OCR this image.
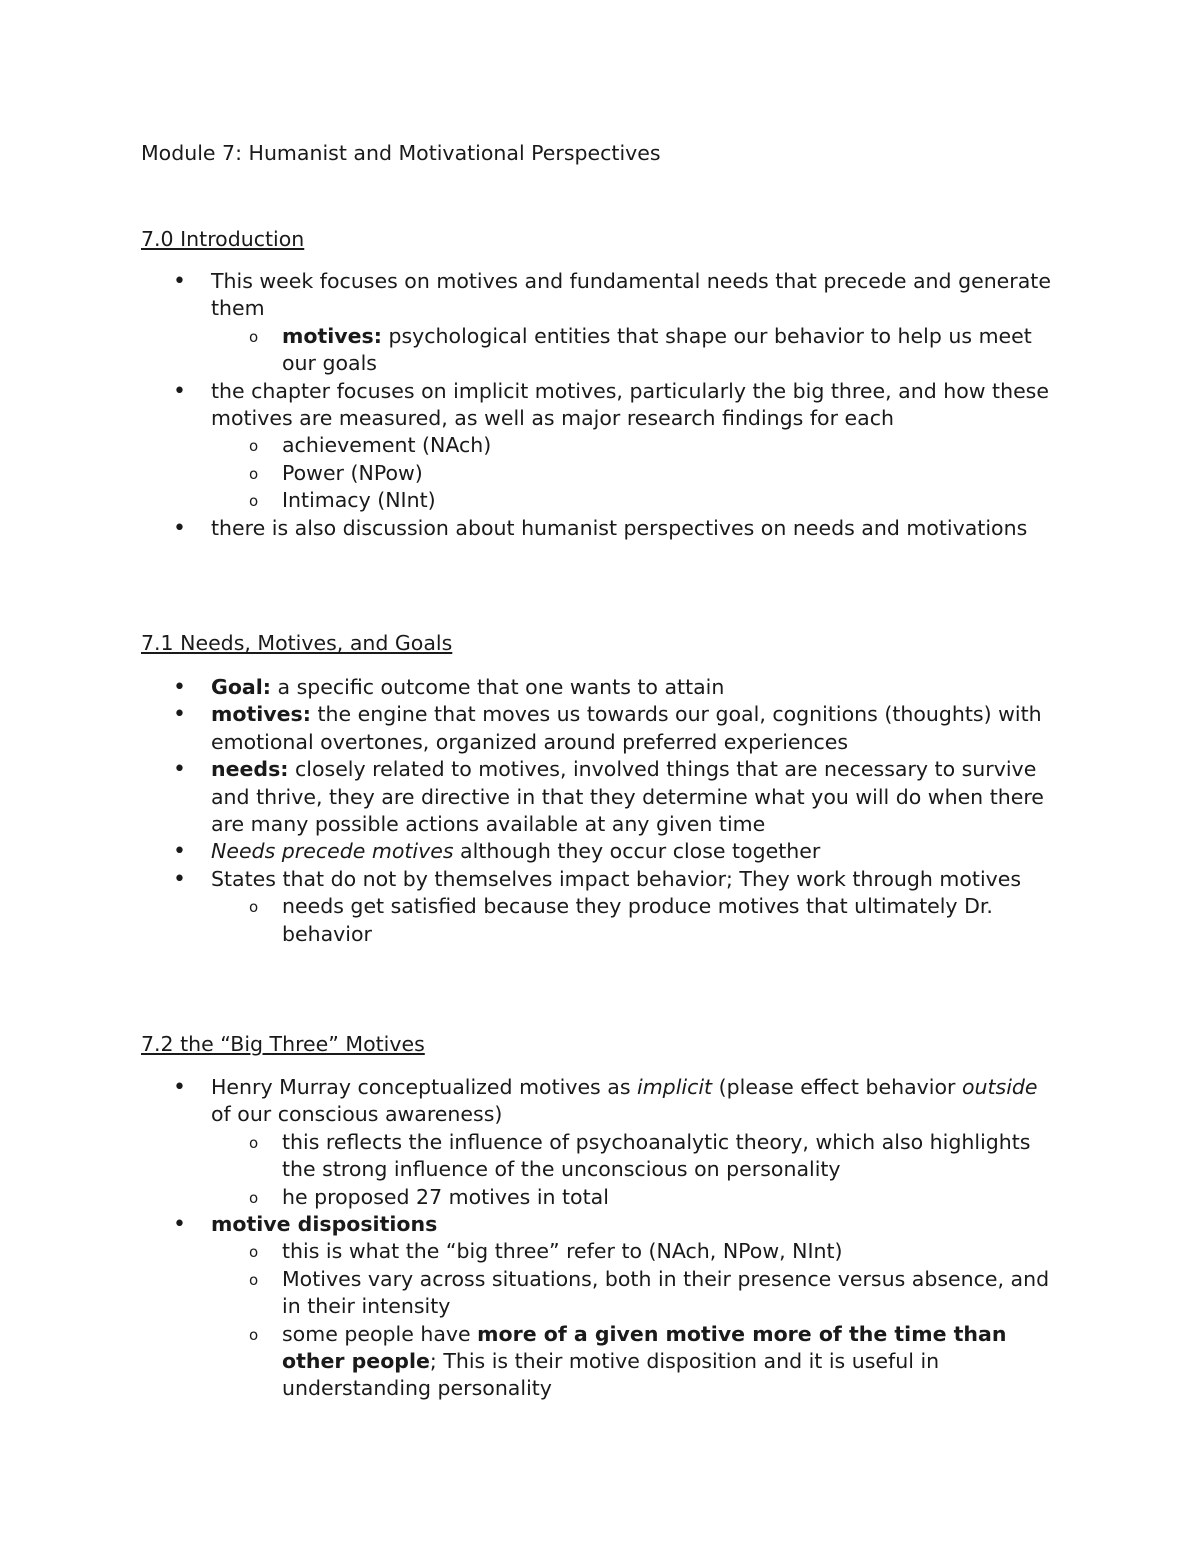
Module 7: Humanist and Motivational Perspectives

7.0 Introduction

• This week focuses on motives and fundamental needs that precede and generate them
o motives: psychological entities that shape our behavior to help us meet our goals
• the chapter focuses on implicit motives, particularly the big three, and how these motives are measured, as well as major research findings for each
o achievement (NAch)
o Power (NPow)
o Intimacy (NInt)
• there is also discussion about humanist perspectives on needs and motivations

7.1 Needs, Motives, and Goals

• Goal: a specific outcome that one wants to attain
• motives: the engine that moves us towards our goal, cognitions (thoughts) with emotional overtones, organized around preferred experiences
• needs: closely related to motives, involved things that are necessary to survive and thrive, they are directive in that they determine what you will do when there are many possible actions available at any given time
• Needs precede motives although they occur close together
• States that do not by themselves impact behavior; They work through motives
o needs get satisfied because they produce motives that ultimately Dr. behavior

7.2 the “Big Three” Motives

• Henry Murray conceptualized motives as implicit (please effect behavior outside of our conscious awareness)
o this reflects the influence of psychoanalytic theory, which also highlights the strong influence of the unconscious on personality
o he proposed 27 motives in total
• motive dispositions
o this is what the “big three” refer to (NAch, NPow, NInt)
o Motives vary across situations, both in their presence versus absence, and in their intensity
o some people have more of a given motive more of the time than other people; This is their motive disposition and it is useful in understanding personality
